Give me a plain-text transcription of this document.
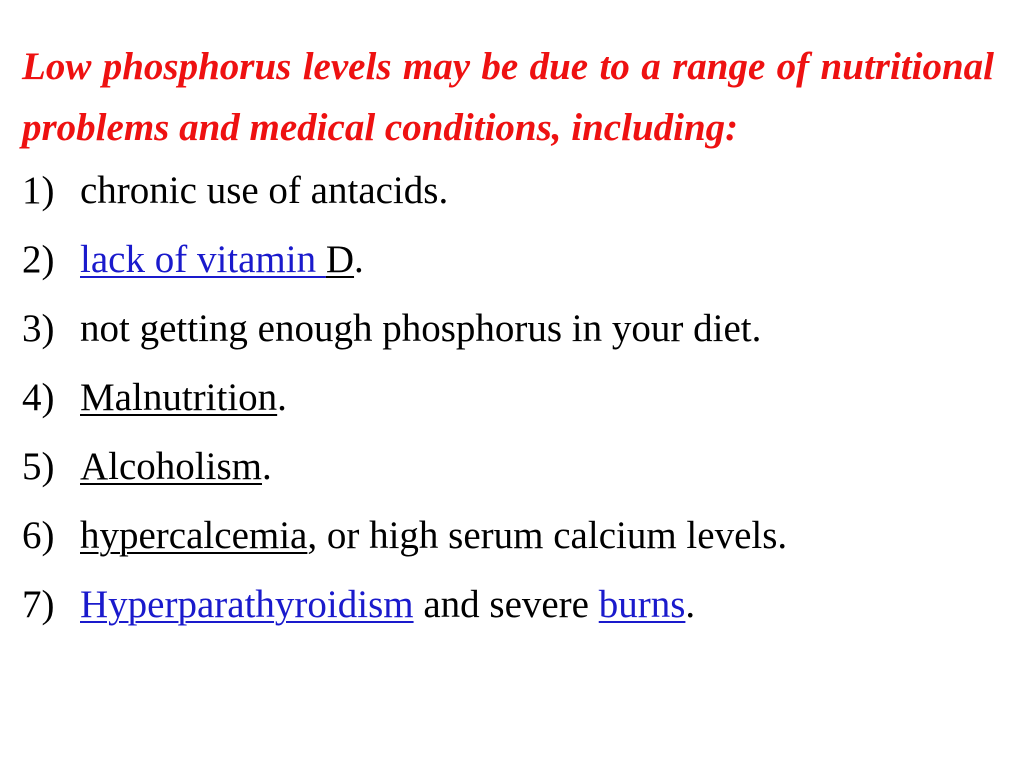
Low phosphorus levels may be due to a range of nutritional problems and medical conditions, including:

1) chronic use of antacids.
2) lack of vitamin D.
3) not getting enough phosphorus in your diet.
4) Malnutrition.
5) Alcoholism.
6) hypercalcemia, or high serum calcium levels.
7) Hyperparathyroidism and severe burns.
